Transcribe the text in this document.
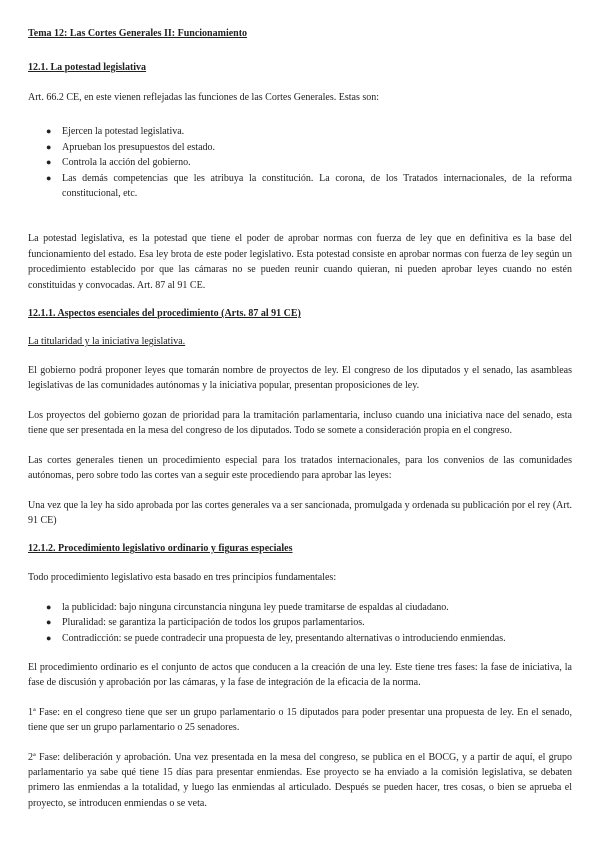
Tema 12: Las Cortes Generales II: Funcionamiento
12.1. La potestad legislativa

Art. 66.2 CE, en este vienen reflejadas las funciones de las Cortes Generales. Estas son:

● Ejercen la potestad legislativa.
● Aprueban los presupuestos del estado.
● Controla la acción del gobierno.
● Las demás competencias que les atribuya la constitución. La corona, de los Tratados internacionales, de la reforma constitucional, etc.

La potestad legislativa, es la potestad que tiene el poder de aprobar normas con fuerza de ley que en definitiva es la base del funcionamiento del estado. Esa ley brota de este poder legislativo. Esta potestad consiste en aprobar normas con fuerza de ley según un procedimiento establecido por que las cámaras no se pueden reunir cuando quieran, ni pueden aprobar leyes cuando no estén constituidas y convocadas. Art. 87 al 91 CE.

12.1.1. Aspectos esenciales del procedimiento (Arts. 87 al 91 CE)
La titularidad y la iniciativa legislativa.

El gobierno podrá proponer leyes que tomarán nombre de proyectos de ley. El congreso de los diputados y el senado, las asambleas legislativas de las comunidades autónomas y la iniciativa popular, presentan proposiciones de ley.

Los proyectos del gobierno gozan de prioridad para la tramitación parlamentaria, incluso cuando una iniciativa nace del senado, esta tiene que ser presentada en la mesa del congreso de los diputados. Todo se somete a consideración propia en el congreso.

Las cortes generales tienen un procedimiento especial para los tratados internacionales, para los convenios de las comunidades autónomas, pero sobre todo las cortes van a seguir este procediendo para aprobar las leyes:

Una vez que la ley ha sido aprobada por las cortes generales va a ser sancionada, promulgada y ordenada su publicación por el rey (Art. 91 CE)

12.1.2. Procedimiento legislativo ordinario y figuras especiales

Todo procedimiento legislativo esta basado en tres principios fundamentales:

● la publicidad: bajo ninguna circunstancia ninguna ley puede tramitarse de espaldas al ciudadano.
● Pluralidad: se garantiza la participación de todos los grupos parlamentarios.
● Contradicción: se puede contradecir una propuesta de ley, presentando alternativas o introduciendo enmiendas.

El procedimiento ordinario es el conjunto de actos que conducen a la creación de una ley. Este tiene tres fases: la fase de iniciativa, la fase de discusión y aprobación por las cámaras, y la fase de integración de la eficacia de la norma.

1ª Fase: en el congreso tiene que ser un grupo parlamentario o 15 diputados para poder presentar una propuesta de ley. En el senado, tiene que ser un grupo parlamentario o 25 senadores.

2ª Fase: deliberación y aprobación. Una vez presentada en la mesa del congreso, se publica en el BOCG, y a partir de aquí, el grupo parlamentario ya sabe qué tiene 15 días para presentar enmiendas. Ese proyecto se ha enviado a la comisión legislativa, se debaten primero las enmiendas a la totalidad, y luego las enmiendas al articulado. Después se pueden hacer, tres cosas, o bien se aprueba el proyecto, se introducen enmiendas o se veta.
